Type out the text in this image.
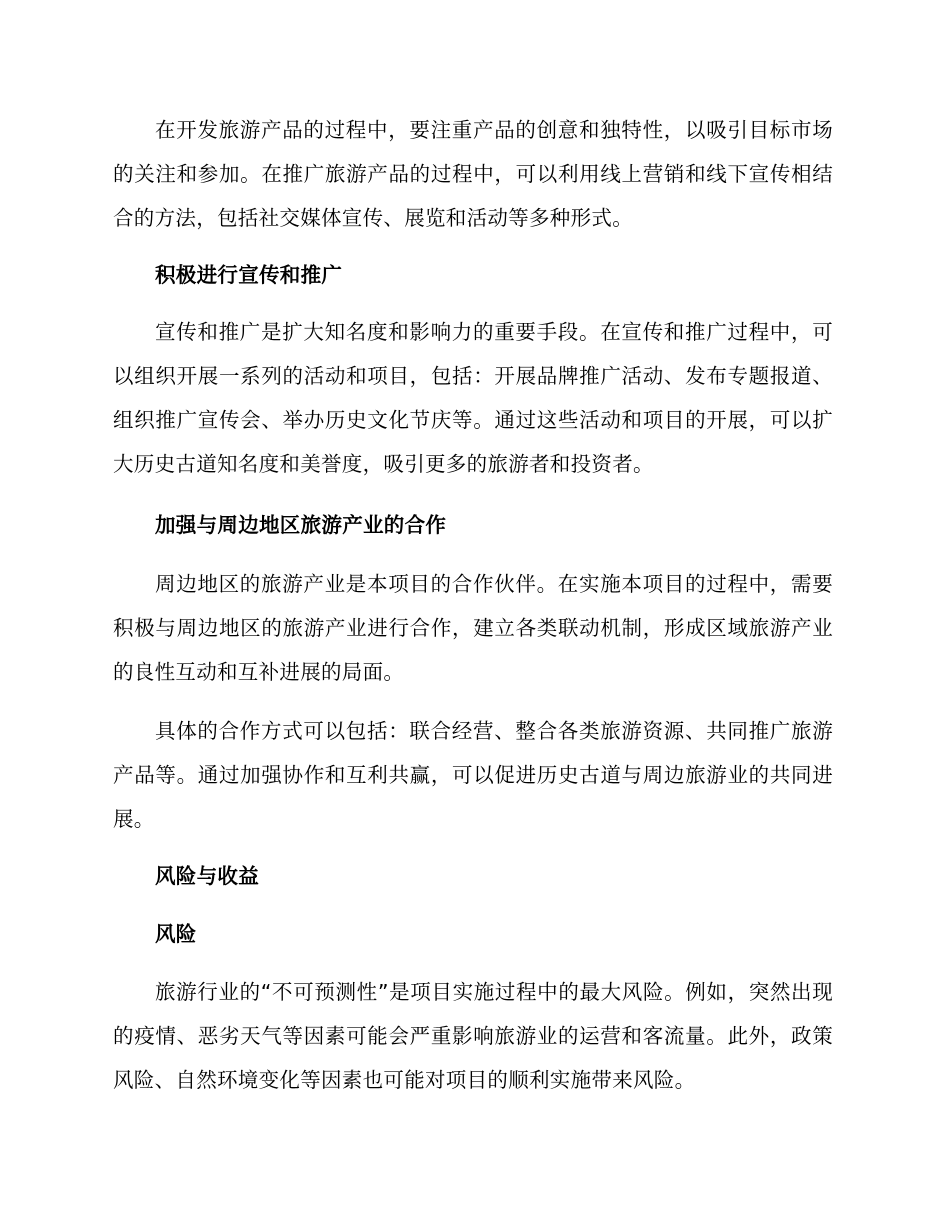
在开发旅游产品的过程中，要注重产品的创意和独特性，以吸引目标市场的关注和参加。在推广旅游产品的过程中，可以利用线上营销和线下宣传相结合的方法，包括社交媒体宣传、展览和活动等多种形式。

积极进行宣传和推广

宣传和推广是扩大知名度和影响力的重要手段。在宣传和推广过程中，可以组织开展一系列的活动和项目，包括：开展品牌推广活动、发布专题报道、组织推广宣传会、举办历史文化节庆等。通过这些活动和项目的开展，可以扩大历史古道知名度和美誉度，吸引更多的旅游者和投资者。

加强与周边地区旅游产业的合作

周边地区的旅游产业是本项目的合作伙伴。在实施本项目的过程中，需要积极与周边地区的旅游产业进行合作，建立各类联动机制，形成区域旅游产业的良性互动和互补进展的局面。

具体的合作方式可以包括：联合经营、整合各类旅游资源、共同推广旅游产品等。通过加强协作和互利共赢，可以促进历史古道与周边旅游业的共同进展。

风险与收益

风险

旅游行业的“不可预测性”是项目实施过程中的最大风险。例如，突然出现的疫情、恶劣天气等因素可能会严重影响旅游业的运营和客流量。此外，政策风险、自然环境变化等因素也可能对项目的顺利实施带来风险。
